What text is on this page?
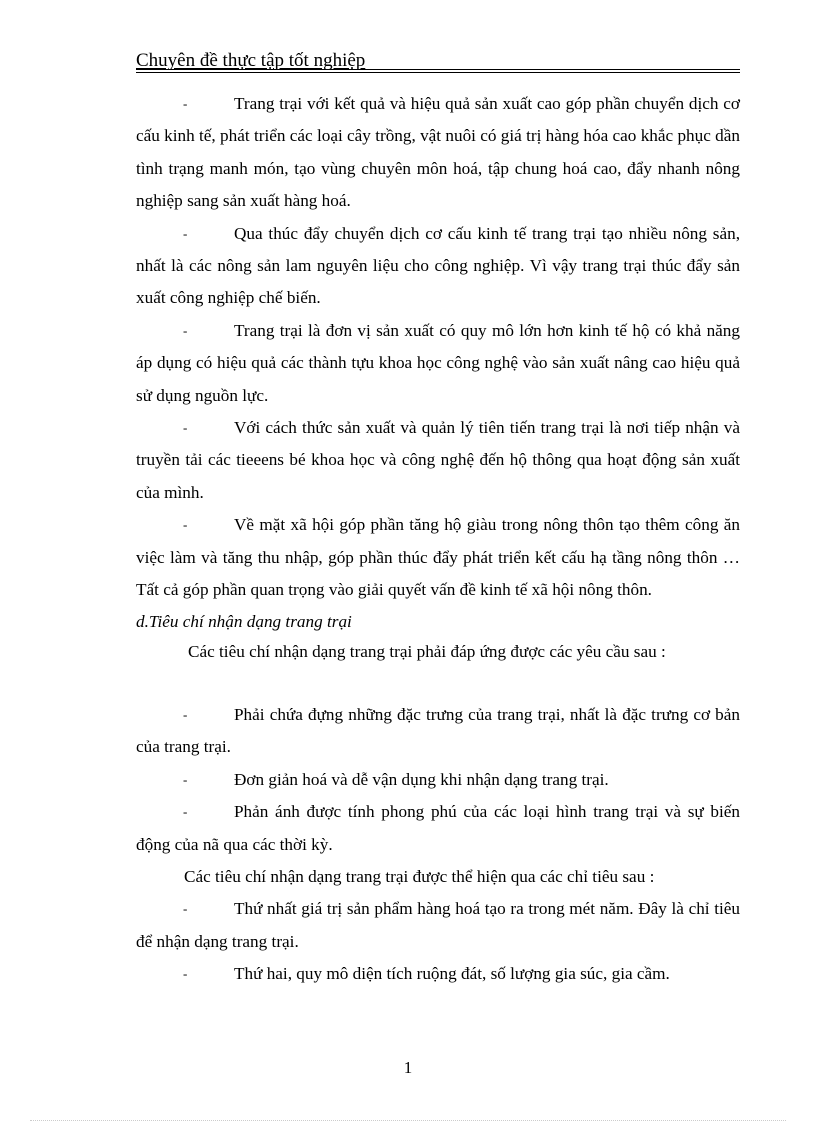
Chuyên đề thực tập tốt nghiệp

-	Trang trại với kết quả và hiệu quả sản xuất cao góp phần chuyển dịch cơ cấu kinh tế, phát triển các loại cây trồng, vật nuôi có giá trị hàng hóa cao khắc phục dần tình trạng manh món, tạo vùng chuyên môn hoá, tập chung hoá cao, đẩy nhanh nông nghiệp sang sản xuất hàng hoá.

-	Qua thúc đẩy chuyển dịch cơ cấu kinh tế trang trại tạo nhiều nông sản, nhất là các nông sản lam nguyên liệu cho công nghiệp. Vì vậy trang trại thúc đẩy sản xuất công nghiệp chế biến.

-	Trang trại là đơn vị sản xuất có quy mô lớn hơn kinh tế hộ có khả năng áp dụng có hiệu quả các thành tựu khoa học công nghệ vào sản xuất nâng cao hiệu quả sử dụng nguồn lực.

-	Với cách thức sản xuất và quản lý tiên tiến trang trại là nơi tiếp nhận và truyền tải các tieeens bé khoa học và công nghệ đến hộ thông qua hoạt động sản xuất của mình.

-	Về mặt xã hội góp phần tăng hộ giàu trong nông thôn tạo thêm công ăn việc làm và tăng thu nhập, góp phần thúc đẩy phát triển kết cấu hạ tầng nông thôn …Tất cả góp phần quan trọng vào giải quyết vấn đề kinh tế xã hội nông thôn.

d.Tiêu chí nhận dạng trang trại

Các tiêu chí nhận dạng trang trại phải đáp ứng được các yêu cầu sau :

-	Phải chứa đựng những đặc trưng của trang trại, nhất là đặc trưng cơ bản của trang trại.

-	Đơn giản hoá và dễ vận dụng khi nhận dạng trang trại.

-	Phản ánh được tính phong phú của các loại hình trang trại và sự biến động của nã qua các thời kỳ.

Các tiêu chí nhận dạng trang trại được thể hiện qua các chỉ tiêu sau :

-	Thứ nhất giá trị sản phẩm hàng hoá tạo ra trong mét năm. Đây là chỉ tiêu để nhận dạng trang trại.

-	Thứ hai, quy mô diện tích ruộng đát, số lượng gia súc, gia cầm.

1
